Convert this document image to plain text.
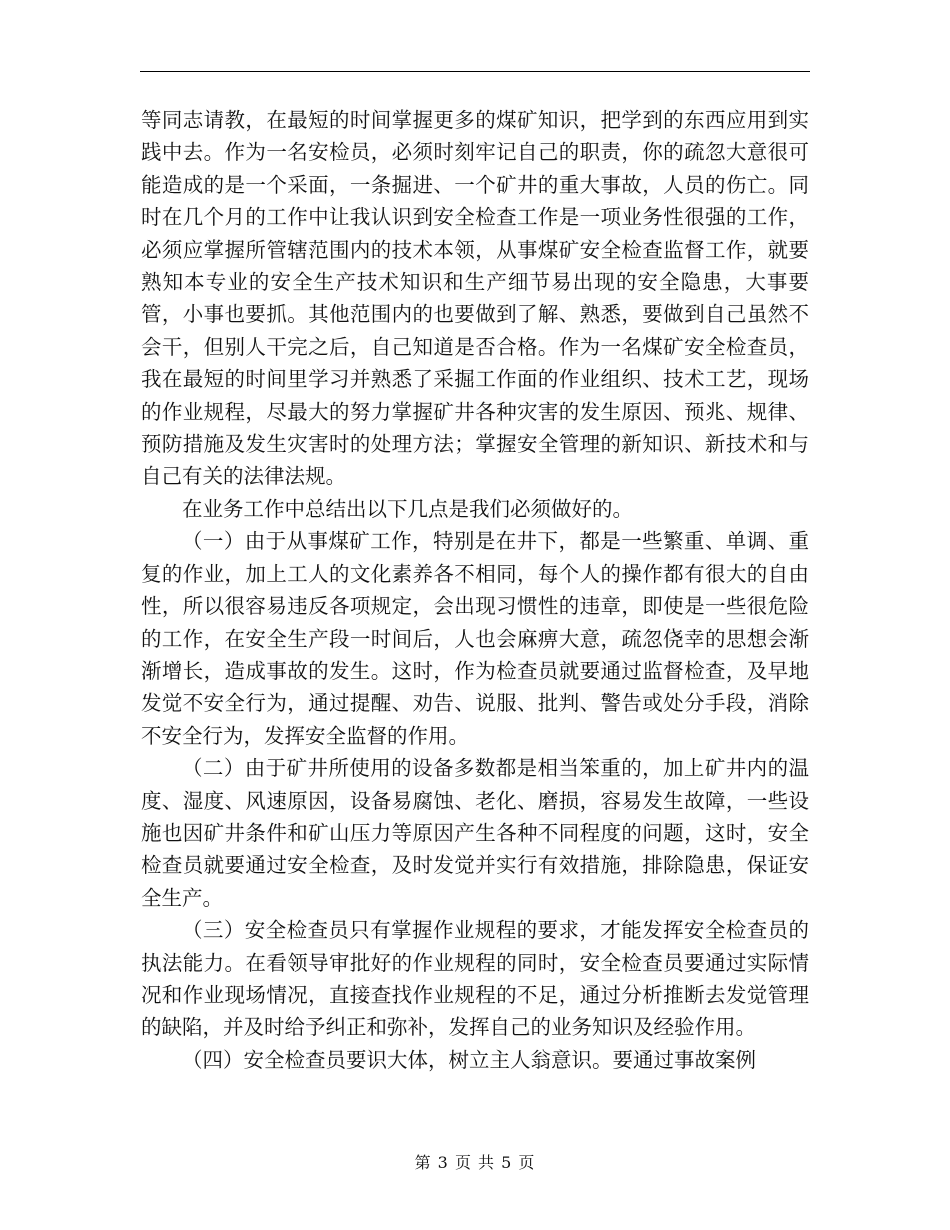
等同志请教，在最短的时间掌握更多的煤矿知识，把学到的东西应用到实践中去。作为一名安检员，必须时刻牢记自己的职责，你的疏忽大意很可能造成的是一个采面，一条掘进、一个矿井的重大事故，人员的伤亡。同时在几个月的工作中让我认识到安全检查工作是一项业务性很强的工作，必须应掌握所管辖范围内的技术本领，从事煤矿安全检查监督工作，就要熟知本专业的安全生产技术知识和生产细节易出现的安全隐患，大事要管，小事也要抓。其他范围内的也要做到了解、熟悉，要做到自己虽然不会干，但别人干完之后，自己知道是否合格。作为一名煤矿安全检查员，我在最短的时间里学习并熟悉了采掘工作面的作业组织、技术工艺，现场的作业规程，尽最大的努力掌握矿井各种灾害的发生原因、预兆、规律、预防措施及发生灾害时的处理方法；掌握安全管理的新知识、新技术和与自己有关的法律法规。

在业务工作中总结出以下几点是我们必须做好的。

（一）由于从事煤矿工作，特别是在井下，都是一些繁重、单调、重复的作业，加上工人的文化素养各不相同，每个人的操作都有很大的自由性，所以很容易违反各项规定，会出现习惯性的违章，即使是一些很危险的工作，在安全生产段一时间后，人也会麻痹大意，疏忽侥幸的思想会渐渐增长，造成事故的发生。这时，作为检查员就要通过监督检查，及早地发觉不安全行为，通过提醒、劝告、说服、批判、警告或处分手段，消除不安全行为，发挥安全监督的作用。

（二）由于矿井所使用的设备多数都是相当笨重的，加上矿井内的温度、湿度、风速原因，设备易腐蚀、老化、磨损，容易发生故障，一些设施也因矿井条件和矿山压力等原因产生各种不同程度的问题，这时，安全检查员就要通过安全检查，及时发觉并实行有效措施，排除隐患，保证安全生产。

（三）安全检查员只有掌握作业规程的要求，才能发挥安全检查员的执法能力。在看领导审批好的作业规程的同时，安全检查员要通过实际情况和作业现场情况，直接查找作业规程的不足，通过分析推断去发觉管理的缺陷，并及时给予纠正和弥补，发挥自己的业务知识及经验作用。

（四）安全检查员要识大体，树立主人翁意识。要通过事故案例

第 3 页 共 5 页
